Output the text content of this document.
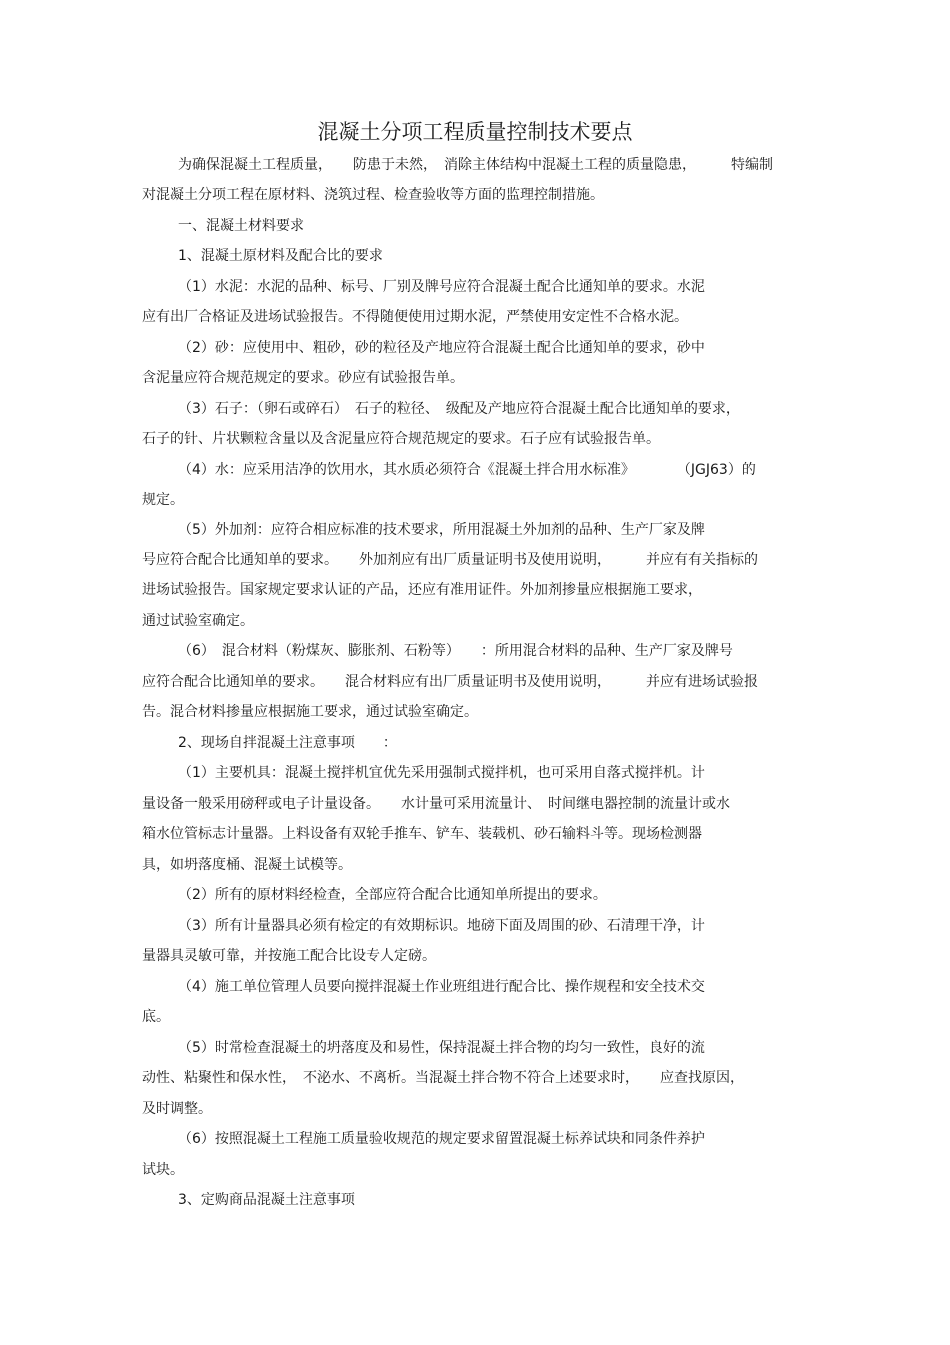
混凝土分项工程质量控制技术要点
为确保混凝土工程质量，　　防患于未然，　消除主体结构中混凝土工程的质量隐患，　　　特编制
对混凝土分项工程在原材料、浇筑过程、检查验收等方面的监理控制措施。
一、混凝土材料要求
1、混凝土原材料及配合比的要求
（1）水泥：水泥的品种、标号、厂别及牌号应符合混凝土配合比通知单的要求。水泥
应有出厂合格证及进场试验报告。不得随便使用过期水泥，严禁使用安定性不合格水泥。
（2）砂：应使用中、粗砂，砂的粒径及产地应符合混凝土配合比通知单的要求，砂中
含泥量应符合规范规定的要求。砂应有试验报告单。
（3）石子：（卵石或碎石）　石子的粒径、　级配及产地应符合混凝土配合比通知单的要求，
石子的针、片状颗粒含量以及含泥量应符合规范规定的要求。石子应有试验报告单。
（4）水：应采用洁净的饮用水，其水质必须符合《混凝土拌合用水标准》　　　　（JGJ63）的
规定。
（5）外加剂：应符合相应标准的技术要求，所用混凝土外加剂的品种、生产厂家及牌
号应符合配合比通知单的要求。　　外加剂应有出厂质量证明书及使用说明，　　　并应有有关指标的
进场试验报告。国家规定要求认证的产品，还应有准用证件。外加剂掺量应根据施工要求，
通过试验室确定。
（6）　混合材料（粉煤灰、膨胀剂、石粉等）　　：所用混合材料的品种、生产厂家及牌号
应符合配合比通知单的要求。　　混合材料应有出厂质量证明书及使用说明，　　　并应有进场试验报
告。混合材料掺量应根据施工要求，通过试验室确定。
2、现场自拌混凝土注意事项　　：
（1）主要机具：混凝土搅拌机宜优先采用强制式搅拌机，也可采用自落式搅拌机。计
量设备一般采用磅秤或电子计量设备。　　水计量可采用流量计、　时间继电器控制的流量计或水
箱水位管标志计量器。上料设备有双轮手推车、铲车、装载机、砂石输料斗等。现场检测器
具，如坍落度桶、混凝土试模等。
（2）所有的原材料经检查，全部应符合配合比通知单所提出的要求。
（3）所有计量器具必须有检定的有效期标识。地磅下面及周围的砂、石清理干净，计
量器具灵敏可靠，并按施工配合比设专人定磅。
（4）施工单位管理人员要向搅拌混凝土作业班组进行配合比、操作规程和安全技术交
底。
（5）时常检查混凝土的坍落度及和易性，保持混凝土拌合物的均匀一致性，良好的流
动性、粘聚性和保水性，　不泌水、不离析。当混凝土拌合物不符合上述要求时，　　应查找原因，
及时调整。
（6）按照混凝土工程施工质量验收规范的规定要求留置混凝土标养试块和同条件养护
试块。
3、定购商品混凝土注意事项
